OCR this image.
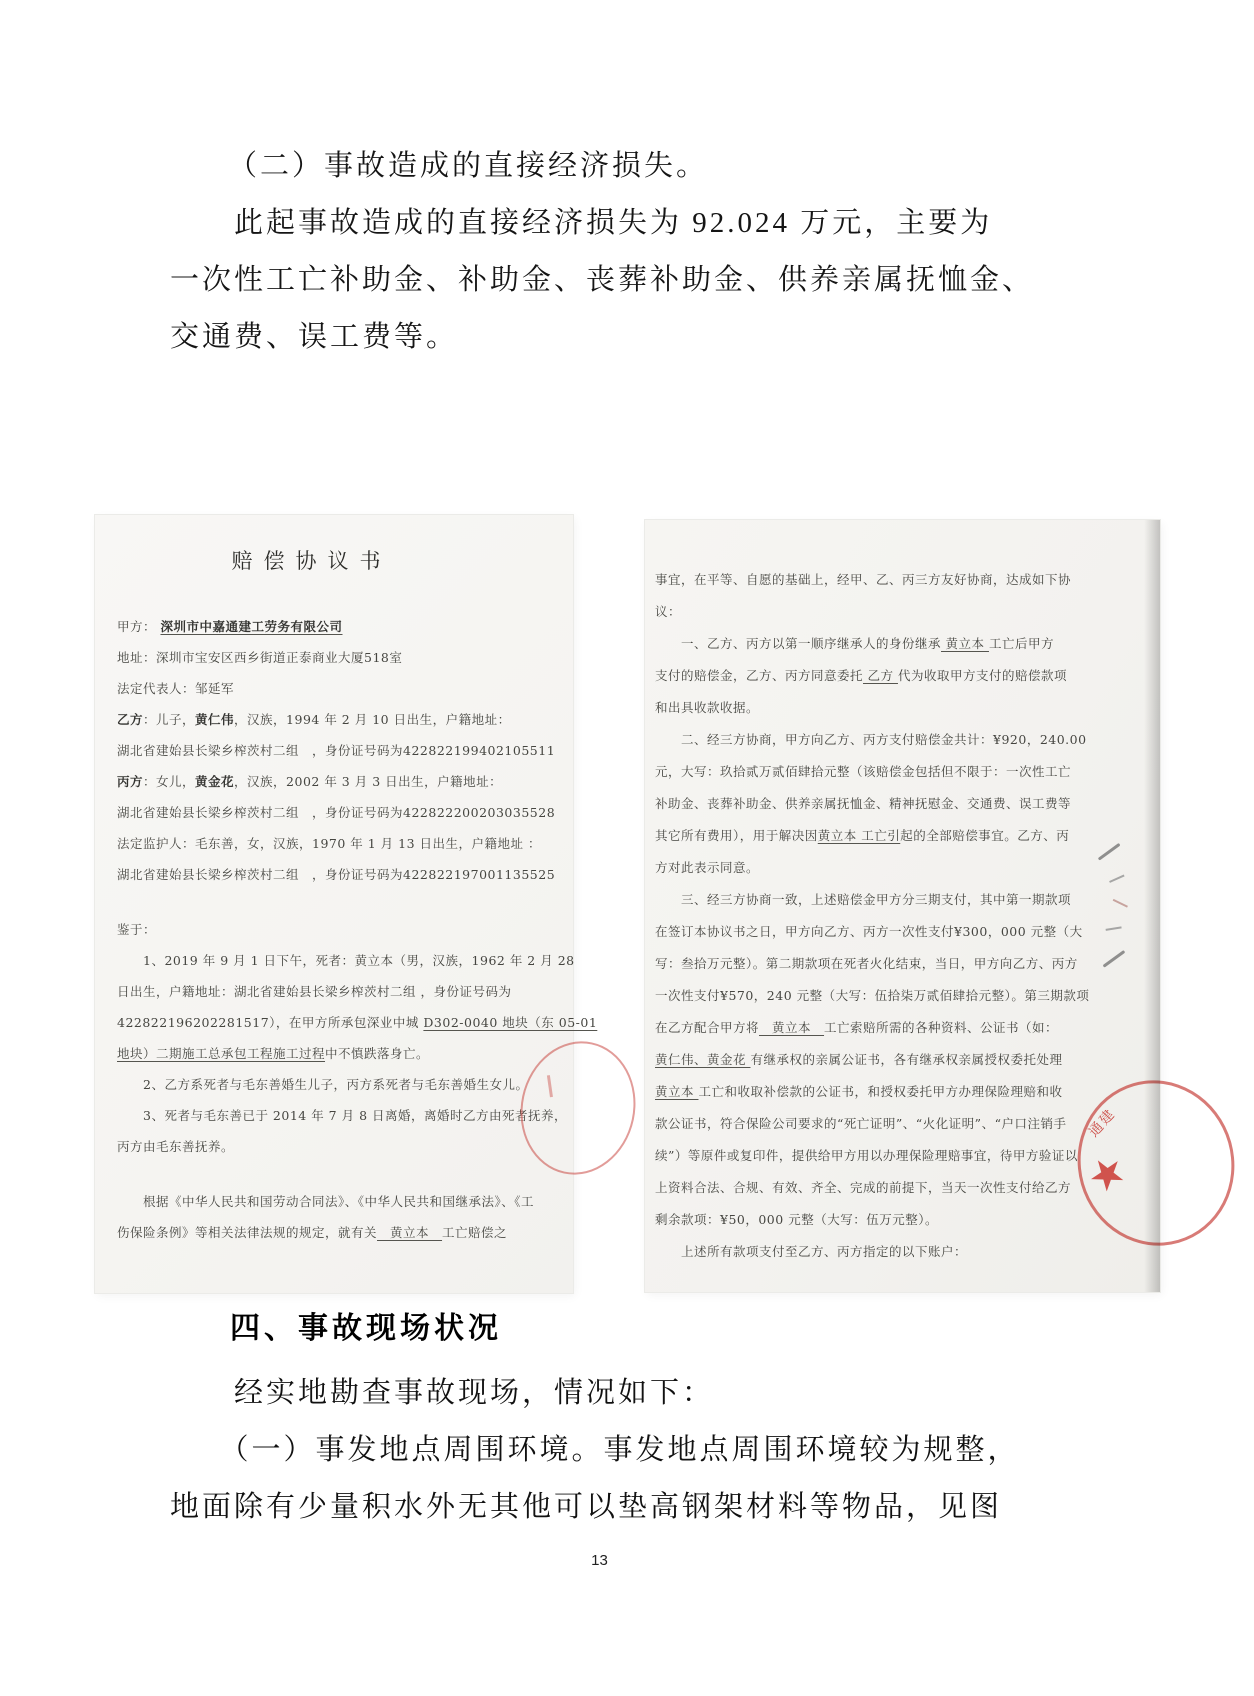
（二）事故造成的直接经济损失。
　　此起事故造成的直接经济损失为 92.024 万元，主要为
一次性工亡补助金、补助金、丧葬补助金、供养亲属抚恤金、
交通费、误工费等。
赔偿协议书
甲方： 深圳市中嘉通建工劳务有限公司
地址：深圳市宝安区西乡街道正泰商业大厦518室
法定代表人：邹延军
乙方：儿子，黄仁伟，汉族，1994 年 2 月 10 日出生，户籍地址：
湖北省建始县长梁乡榨茨村二组　，身份证号码为422822199402105511
丙方：女儿，黄金花，汉族，2002 年 3 月 3 日出生，户籍地址：
湖北省建始县长梁乡榨茨村二组　，身份证号码为422822200203035528
法定监护人：毛东善，女，汉族，1970 年 1 月 13 日出生，户籍地址 ：
湖北省建始县长梁乡榨茨村二组　，身份证号码为422822197001135525
鉴于：
　　1、2019 年 9 月 1 日下午，死者：黄立本（男，汉族，1962 年 2 月 28
日出生，户籍地址：湖北省建始县长梁乡榨茨村二组 ，身份证号码为
422822196202281517），在甲方所承包深业中城 D302-0040 地块（东 05-01
地块）二期施工总承包工程施工过程中不慎跌落身亡。
　　2、乙方系死者与毛东善婚生儿子，丙方系死者与毛东善婚生女儿。
　　3、死者与毛东善已于 2014 年 7 月 8 日离婚，离婚时乙方由死者抚养，
丙方由毛东善抚养。
　　根据《中华人民共和国劳动合同法》、《中华人民共和国继承法》、《工
伤保险条例》等相关法律法规的规定，就有关　黄立本　工亡赔偿之
事宜，在平等、自愿的基础上，经甲、乙、丙三方友好协商，达成如下协
议：
　　一、乙方、丙方以第一顺序继承人的身份继承 黄立本 工亡后甲方
支付的赔偿金，乙方、丙方同意委托 乙方 代为收取甲方支付的赔偿款项
和出具收款收据。
　　二、经三方协商，甲方向乙方、丙方支付赔偿金共计：¥920，240.00
元，大写：玖拾贰万贰佰肆拾元整（该赔偿金包括但不限于：一次性工亡
补助金、丧葬补助金、供养亲属抚恤金、精神抚慰金、交通费、误工费等
其它所有费用），用于解决因黄立本 工亡引起的全部赔偿事宜。乙方、丙
方对此表示同意。
　　三、经三方协商一致，上述赔偿金甲方分三期支付，其中第一期款项
在签订本协议书之日，甲方向乙方、丙方一次性支付¥300，000 元整（大
写：叁拾万元整）。第二期款项在死者火化结束，当日，甲方向乙方、丙方
一次性支付¥570，240 元整（大写：伍拾柒万贰佰肆拾元整）。第三期款项
在乙方配合甲方将　黄立本　工亡索赔所需的各种资料、公证书（如：
黄仁伟、黄金花 有继承权的亲属公证书，各有继承权亲属授权委托处理
黄立本 工亡和收取补偿款的公证书，和授权委托甲方办理保险理赔和收
款公证书，符合保险公司要求的“死亡证明”、“火化证明”、“户口注销手
续”）等原件或复印件，提供给甲方用以办理保险理赔事宜，待甲方验证以
上资料合法、合规、有效、齐全、完成的前提下，当天一次性支付给乙方
剩余款项：¥50，000 元整（大写：伍万元整）。
　　上述所有款项支付至乙方、丙方指定的以下账户：
★
通建
四、事故现场状况
　　经实地勘查事故现场，情况如下：
　　（一）事发地点周围环境。事发地点周围环境较为规整，
地面除有少量积水外无其他可以垫高钢架材料等物品，见图
13
